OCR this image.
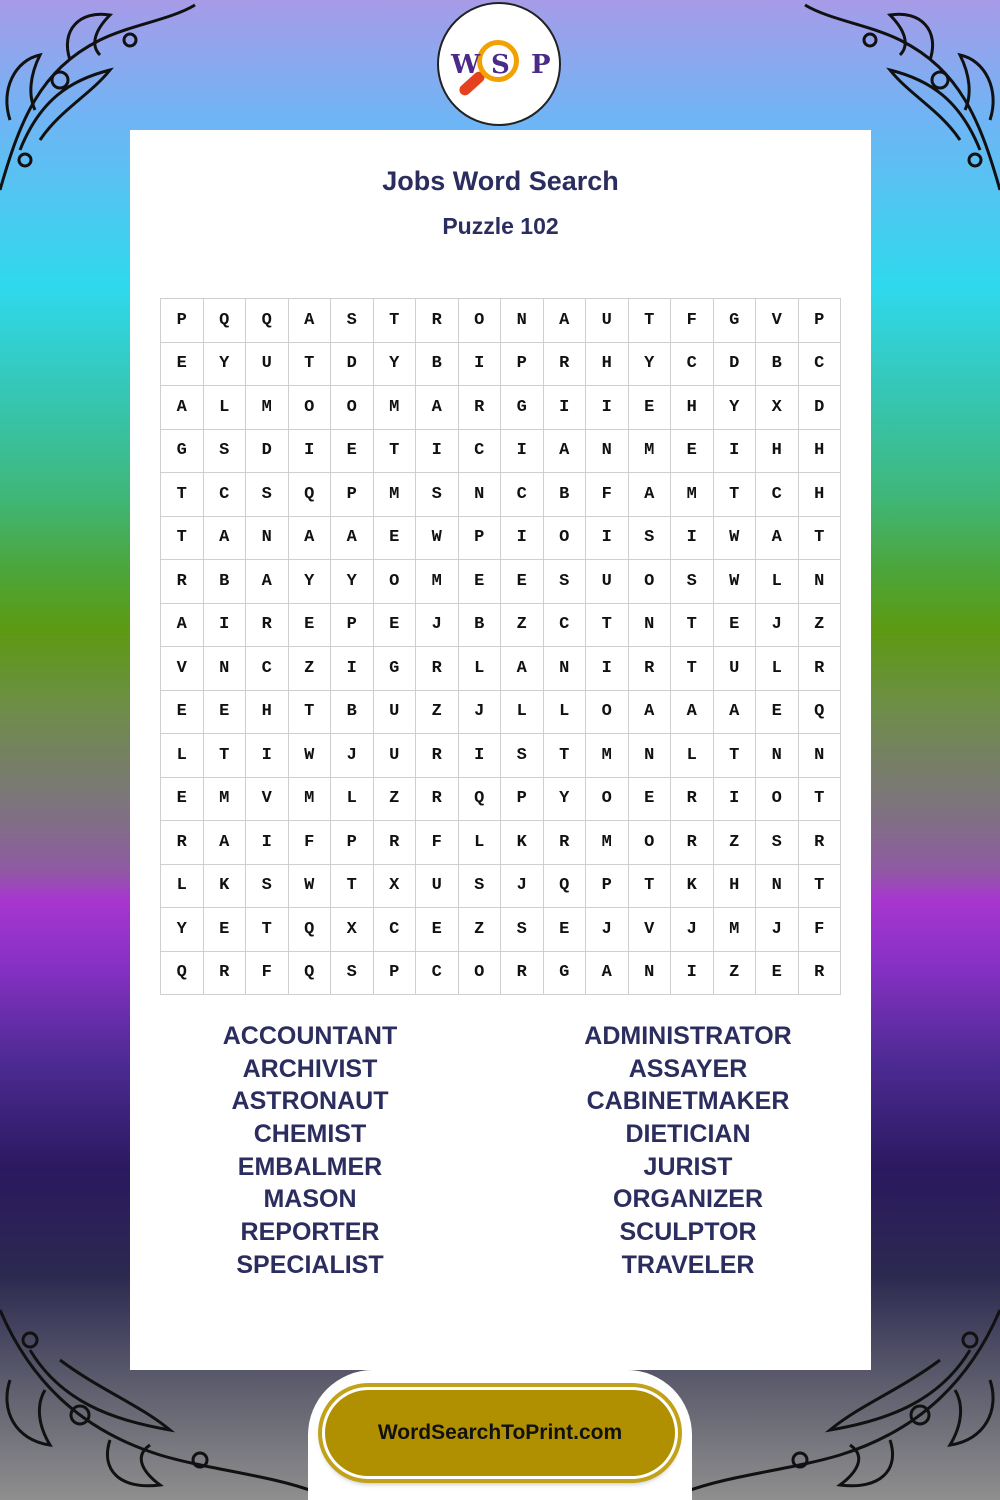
W S P
Jobs Word Search
Puzzle 102
P	Q	Q	A	S	T	R	O	N	A	U	T	F	G	V	P
E	Y	U	T	D	Y	B	I	P	R	H	Y	C	D	B	C
A	L	M	O	O	M	A	R	G	I	I	E	H	Y	X	D
G	S	D	I	E	T	I	C	I	A	N	M	E	I	H	H
T	C	S	Q	P	M	S	N	C	B	F	A	M	T	C	H
T	A	N	A	A	E	W	P	I	O	I	S	I	W	A	T
R	B	A	Y	Y	O	M	E	E	S	U	O	S	W	L	N
A	I	R	E	P	E	J	B	Z	C	T	N	T	E	J	Z
V	N	C	Z	I	G	R	L	A	N	I	R	T	U	L	R
E	E	H	T	B	U	Z	J	L	L	O	A	A	A	E	Q
L	T	I	W	J	U	R	I	S	T	M	N	L	T	N	N
E	M	V	M	L	Z	R	Q	P	Y	O	E	R	I	O	T
R	A	I	F	P	R	F	L	K	R	M	O	R	Z	S	R
L	K	S	W	T	X	U	S	J	Q	P	T	K	H	N	T
Y	E	T	Q	X	C	E	Z	S	E	J	V	J	M	J	F
Q	R	F	Q	S	P	C	O	R	G	A	N	I	Z	E	R
ACCOUNTANT
ARCHIVIST
ASTRONAUT
CHEMIST
EMBALMER
MASON
REPORTER
SPECIALIST
ADMINISTRATOR
ASSAYER
CABINETMAKER
DIETICIAN
JURIST
ORGANIZER
SCULPTOR
TRAVELER
WordSearchToPrint.com
